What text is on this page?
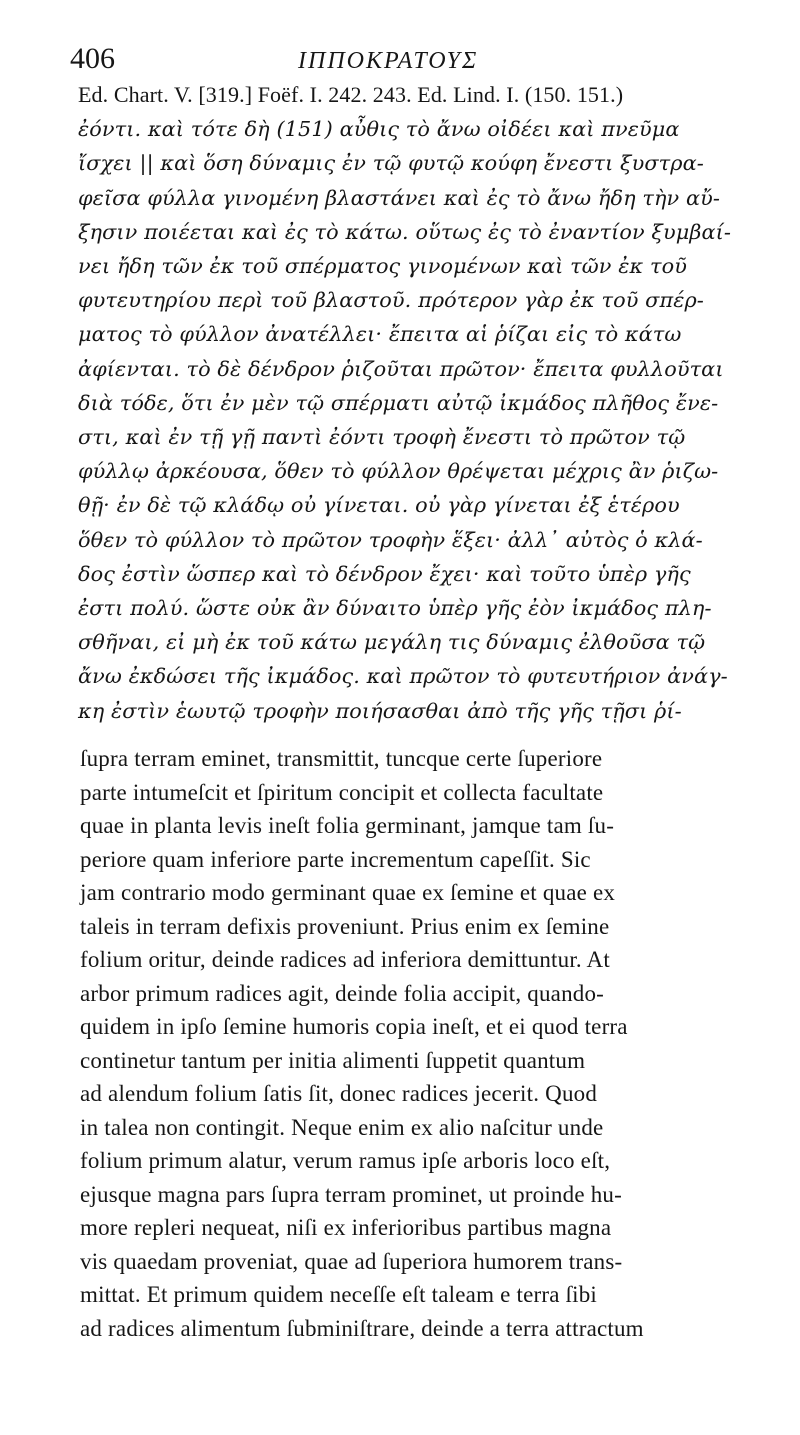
406	ΙΠΠΟΚΡΑΤΟΥΣ
Ed. Chart. V. [319.] Foëf. I. 242. 243. Ed. Lind. I. (150. 151.)
ἐόντι. καὶ τότε δὴ (151) αὖθις τὸ ἄνω οἰδέει καὶ πνεῦμα
ἴσχει || καὶ ὅση δύναμις ἐν τῷ φυτῷ κούφη ἔνεστι ξυστρα-
φεῖσα φύλλα γινομένη βλαστάνει καὶ ἐς τὸ ἄνω ἤδη τὴν αὔ-
ξησιν ποιέεται καὶ ἐς τὸ κάτω. οὕτως ἐς τὸ ἐναντίον ξυμβαί-
νει ἤδη τῶν ἐκ τοῦ σπέρματος γινομένων καὶ τῶν ἐκ τοῦ
φυτευτηρίου περὶ τοῦ βλαστοῦ. πρότερον γὰρ ἐκ τοῦ σπέρ-
ματος τὸ φύλλον ἀνατέλλει· ἔπειτα αἱ ῥίζαι εἰς τὸ κάτω
ἀφίενται. τὸ δὲ δένδρον ῥιζοῦται πρῶτον· ἔπειτα φυλλοῦται
διὰ τόδε, ὅτι ἐν μὲν τῷ σπέρματι αὐτῷ ἰκμάδος πλῆθος ἔνε-
στι, καὶ ἐν τῇ γῇ παντὶ ἐόντι τροφὴ ἔνεστι τὸ πρῶτον τῷ
φύλλῳ ἀρκέουσα, ὅθεν τὸ φύλλον θρέψεται μέχρις ἂν ῥιζω-
θῇ· ἐν δὲ τῷ κλάδῳ οὐ γίνεται. οὐ γὰρ γίνεται ἐξ ἑτέρου
ὅθεν τὸ φύλλον τὸ πρῶτον τροφὴν ἕξει· ἀλλ᾽ αὐτὸς ὁ κλά-
δος ἐστὶν ὥσπερ καὶ τὸ δένδρον ἔχει· καὶ τοῦτο ὑπὲρ γῆς
ἐστι πολύ. ὥστε οὐκ ἂν δύναιτο ὑπὲρ γῆς ἐὸν ἰκμάδος πλη-
σθῆναι, εἰ μὴ ἐκ τοῦ κάτω μεγάλη τις δύναμις ἐλθοῦσα τῷ
ἄνω ἐκδώσει τῆς ἰκμάδος. καὶ πρῶτον τὸ φυτευτήριον ἀνάγ-
κη ἐστὶν ἑωυτῷ τροφὴν ποιήσασθαι ἀπὸ τῆς γῆς τῇσι ῥί-
ſupra terram eminet, transmittit, tuncque certe ſuperiore
parte intumeſcit et ſpiritum concipit et collecta facultate
quae in planta levis ineſt folia germinant, jamque tam ſu-
periore quam inferiore parte incrementum capeſſit. Sic
jam contrario modo germinant quae ex ſemine et quae ex
taleis in terram defixis proveniunt. Prius enim ex ſemine
folium oritur, deinde radices ad inferiora demittuntur. At
arbor primum radices agit, deinde folia accipit, quando-
quidem in ipſo ſemine humoris copia ineſt, et ei quod terra
continetur tantum per initia alimenti ſuppetit quantum
ad alendum folium ſatis ſit, donec radices jecerit. Quod
in talea non contingit. Neque enim ex alio naſcitur unde
folium primum alatur, verum ramus ipſe arboris loco eſt,
ejusque magna pars ſupra terram prominet, ut proinde hu-
more repleri nequeat, niſi ex inferioribus partibus magna
vis quaedam proveniat, quae ad ſuperiora humorem trans-
mittat. Et primum quidem neceſſe eſt taleam e terra ſibi
ad radices alimentum ſubminiſtrare, deinde a terra attractum
